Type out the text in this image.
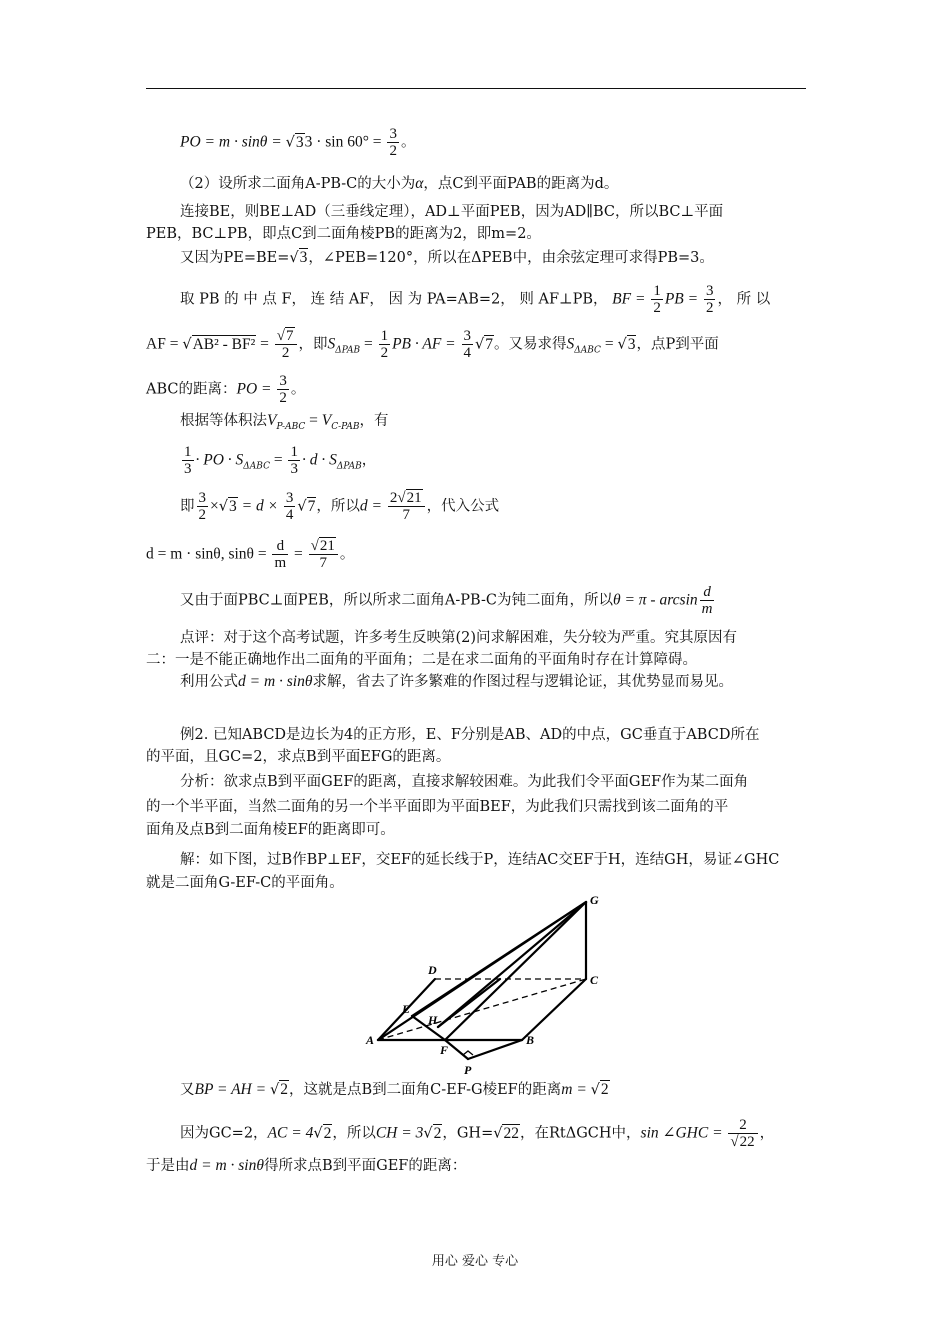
PO = $m \cdot \sin\theta = √33 \cdot \sin 60^\circ = \frac{3}{2}$ 。
（2）设所求二面角A-PB-C的大小为α，点C到平面PAB的距离为d。
连接BE，则BE⊥AD（三垂线定理），AD⊥平面PEB，因为AD∥BC，所以BC⊥平面
PEB，BC⊥PB，即点C到二面角棱PB的距离为2，即m=2。
又因为PE=BE=√3，∠PEB=120°，所以在ΔPEB中，由余弦定理可求得PB=3。
取 PB 的 中 点 F， 连 结 AF， 因 为 PA=AB=2， 则 AF⊥PB， BF = $\frac{1}{2}$ PB = $\frac{3}{2}$ ， 所 以
AF = $√AB^2 - BF^2 = \frac{√7}{2}$ ，即$S_{\Delta PAB} = \frac{1}{2}$ PB · AF = $\frac{3}{4} √7$。又易求得$S_{\Delta ABC} = √3$，点P到平面
ABC的距离：PO = $\frac{3}{2}$ 。
根据等体积法$V_{P-ABC} = V_{C-PAB}$，有
$\frac{1}{3}$ · PO · $S_{\Delta ABC} = \frac{1}{3} \cdot d \cdot S_{\Delta PAB}$，
即 $\frac{3}{2} \times√3 = d \times \frac{3}{4} √7$，所以$d = \frac{2√21}{7}$ ，代入公式
d = m · sinθ, $\sin\theta = \frac{d}{m} = \frac{√21}{7}$ 。
又由于面PBC⊥面PEB，所以所求二面角A-PB-C为钝二面角，所以$\theta = \pi - \arcsin \frac{d}{m}$
点评：对于这个高考试题，许多考生反映第(2)问求解困难，失分较为严重。究其原因有
二：一是不能正确地作出二面角的平面角；二是在求二面角的平面角时存在计算障碍。
利用公式d = m · sinθ求解，省去了许多繁难的作图过程与逻辑论证，其优势显而易见。
例2. 已知ABCD是边长为4的正方形，E、F分别是AB、AD的中点，GC垂直于ABCD所在
的平面，且GC=2，求点B到平面EFG的距离。
分析：欲求点B到平面GEF的距离，直接求解较困难。为此我们令平面GEF作为某二面角
的一个半平面，当然二面角的另一个半平面即为平面BEF，为此我们只需找到该二面角的平
面角及点B到二面角棱EF的距离即可。
解：如下图，过B作BP⊥EF，交EF的延长线于P，连结AC交EF于H，连结GH，易证∠GHC
就是二面角G-EF-C的平面角。
G
D
C
E
H
A
F
B
P
又BP = AH = √2，这就是点B到二面角C-EF-G棱EF的距离m = √2
因为GC=2，AC = 4√2，所以CH = 3√2，GH=√22，在RtΔGCH中，sin ∠GHC = $\frac{2}{√22}$ ，
于是由d = m · sinθ得所求点B到平面GEF的距离：
用心 爱心 专心
